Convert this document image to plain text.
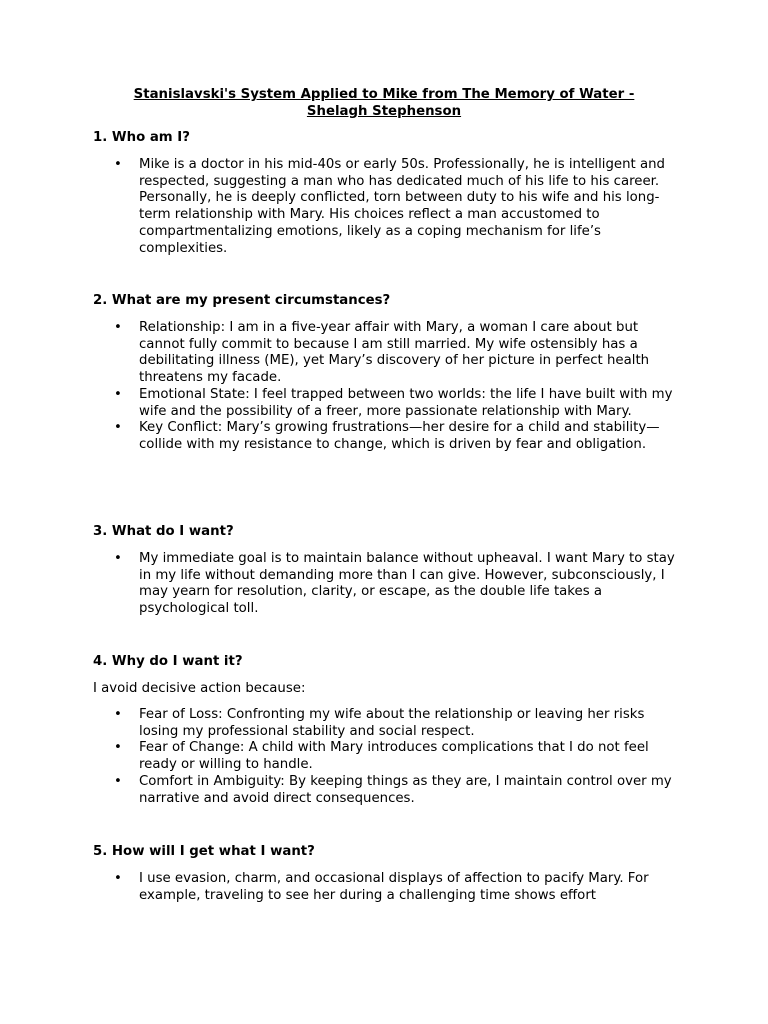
Stanislavski's System Applied to Mike from The Memory of Water - Shelagh Stephenson
1. Who am I?
• Mike is a doctor in his mid-40s or early 50s. Professionally, he is intelligent and respected, suggesting a man who has dedicated much of his life to his career. Personally, he is deeply conflicted, torn between duty to his wife and his long-term relationship with Mary. His choices reflect a man accustomed to compartmentalizing emotions, likely as a coping mechanism for life’s complexities.
2. What are my present circumstances?
• Relationship: I am in a five-year affair with Mary, a woman I care about but cannot fully commit to because I am still married. My wife ostensibly has a debilitating illness (ME), yet Mary’s discovery of her picture in perfect health threatens my facade.
• Emotional State: I feel trapped between two worlds: the life I have built with my wife and the possibility of a freer, more passionate relationship with Mary.
• Key Conflict: Mary’s growing frustrations—her desire for a child and stability—collide with my resistance to change, which is driven by fear and obligation.
3. What do I want?
• My immediate goal is to maintain balance without upheaval. I want Mary to stay in my life without demanding more than I can give. However, subconsciously, I may yearn for resolution, clarity, or escape, as the double life takes a psychological toll.
4. Why do I want it?
I avoid decisive action because:
• Fear of Loss: Confronting my wife about the relationship or leaving her risks losing my professional stability and social respect.
• Fear of Change: A child with Mary introduces complications that I do not feel ready or willing to handle.
• Comfort in Ambiguity: By keeping things as they are, I maintain control over my narrative and avoid direct consequences.
5. How will I get what I want?
• I use evasion, charm, and occasional displays of affection to pacify Mary. For example, traveling to see her during a challenging time shows effort
